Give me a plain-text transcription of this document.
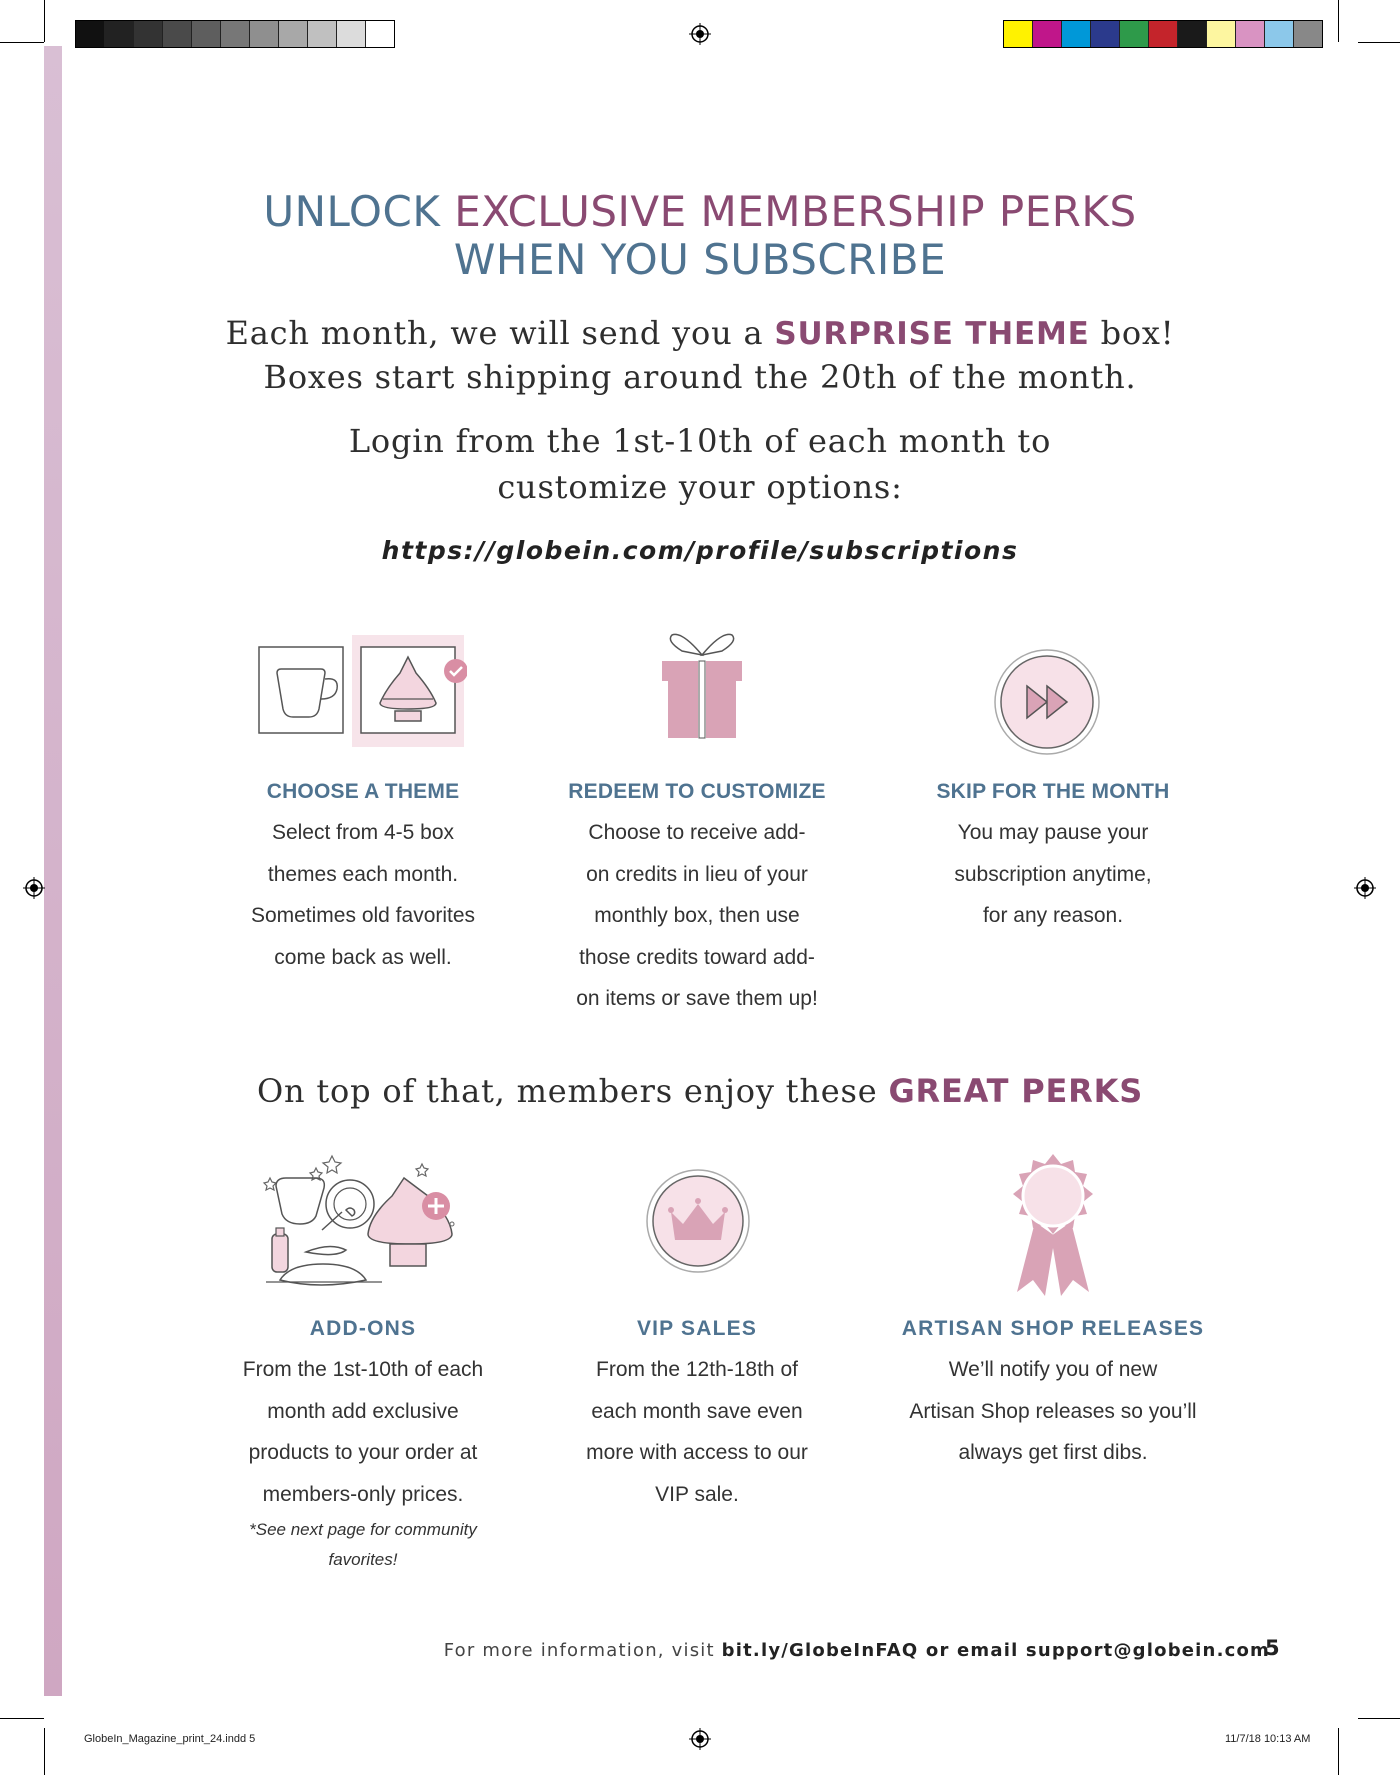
UNLOCK EXCLUSIVE MEMBERSHIP PERKS
WHEN YOU SUBSCRIBE
Each month, we will send you a SURPRISE THEME box!
Boxes start shipping around the 20th of the month.
Login from the 1st-10th of each month to
customize your options:
https://globein.com/profile/subscriptions
CHOOSE A THEME
Select from 4-5 box
themes each month.
Sometimes old favorites
come back as well.
REDEEM TO CUSTOMIZE
Choose to receive add-
on credits in lieu of your
monthly box, then use
those credits toward add-
on items or save them up!
SKIP FOR THE MONTH
You may pause your
subscription anytime,
for any reason.
On top of that, members enjoy these GREAT PERKS
ADD-ONS
From the 1st-10th of each
month add exclusive
products to your order at
members-only prices.
*See next page for community favorites!
VIP SALES
From the 12th-18th of
each month save even
more with access to our
VIP sale.
ARTISAN SHOP RELEASES
We’ll notify you of new
Artisan Shop releases so you’ll
always get first dibs.
For more information, visit bit.ly/GlobeInFAQ or email support@globein.com
5
GlobeIn_Magazine_print_24.indd 5	11/7/18 10:13 AM
